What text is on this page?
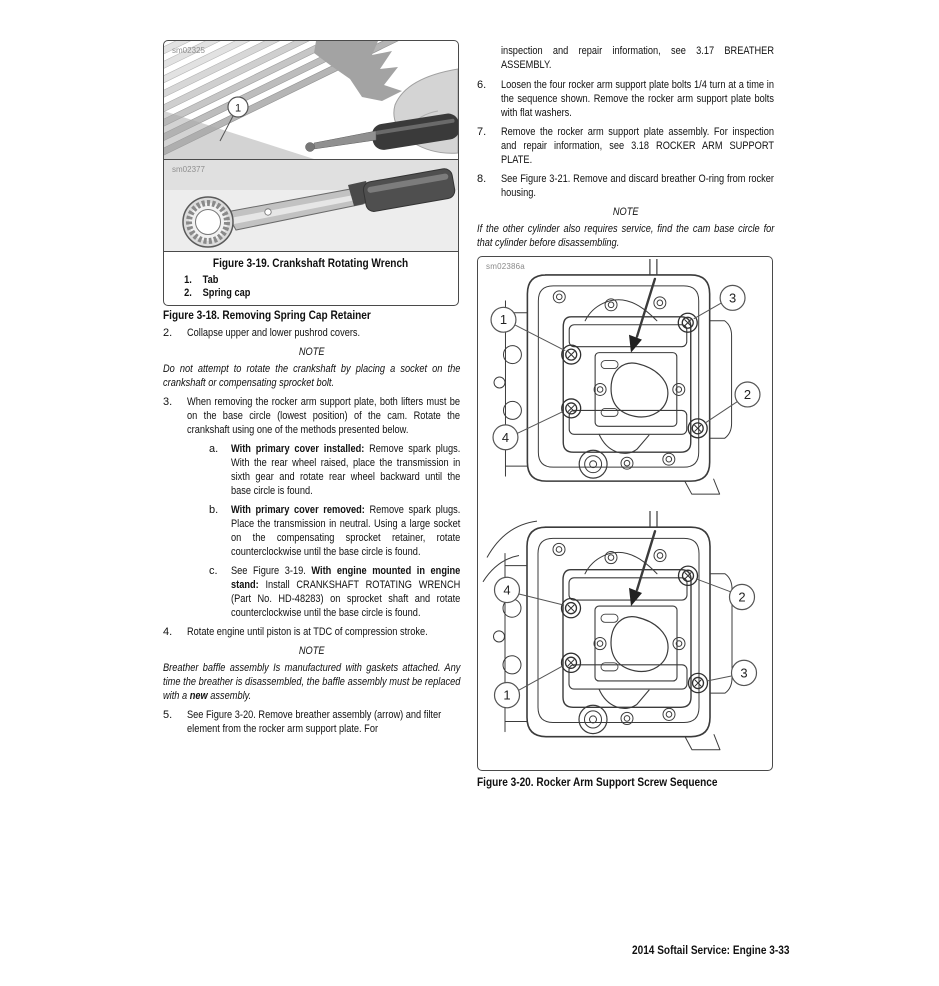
1
sm02325
sm02377
Figure 3-19. Crankshaft Rotating Wrench
1. Tab
2. Spring cap
Figure 3-18. Removing Spring Cap Retainer
2.	Collapse upper and lower pushrod covers.
NOTE
Do not attempt to rotate the crankshaft by placing a socket on the crankshaft or compensating sprocket bolt.
3.	When removing the rocker arm support plate, both lifters must be on the base circle (lowest position) of the cam. Rotate the crankshaft using one of the methods presented below.
a.	With primary cover installed: Remove spark plugs. With the rear wheel raised, place the transmission in sixth gear and rotate rear wheel backward until the base circle is found.
b.	With primary cover removed: Remove spark plugs. Place the transmission in neutral. Using a large socket on the compensating sprocket retainer, rotate counterclockwise until the base circle is found.
c.	See Figure 3-19. With engine mounted in engine stand: Install CRANKSHAFT ROTATING WRENCH (Part No. HD-48283) on sprocket shaft and rotate counterclockwise until the base circle is found.
4.	Rotate engine until piston is at TDC of compression stroke.
NOTE
Breather baffle assembly Is manufactured with gaskets attached. Any time the breather is disassembled, the baffle assembly must be replaced with a new assembly.
5.	See Figure 3-20. Remove breather assembly (arrow) and filter element from the rocker arm support plate. For
inspection and repair information, see 3.17 BREATHER ASSEMBLY.
6.	Loosen the four rocker arm support plate bolts 1/4 turn at a time in the sequence shown. Remove the rocker arm support plate bolts with flat washers.
7.	Remove the rocker arm support plate assembly. For inspection and repair information, see 3.18 ROCKER ARM SUPPORT PLATE.
8.	See Figure 3-21. Remove and discard breather O-ring from rocker housing.
NOTE
If the other cylinder also requires service, find the cam base circle for that cylinder before disassembling.
sm02386a
1
3
2
4
4	2
1
3
Figure 3-20. Rocker Arm Support Screw Sequence
2014 Softail Service: Engine 3-33
